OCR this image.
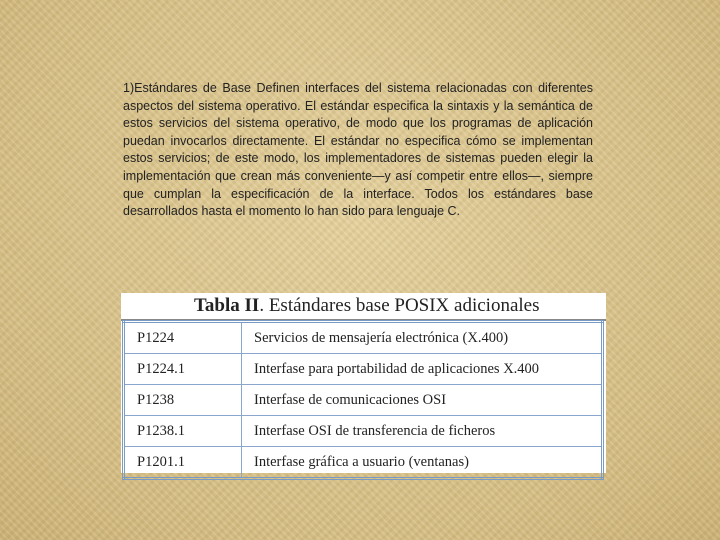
1)Estándares de Base Definen interfaces del sistema relacionadas con diferentes aspectos del sistema operativo. El estándar especifica la sintaxis y la semántica de estos servicios del sistema operativo, de modo que los programas de aplicación puedan invocarlos directamente. El estándar no especifica cómo se implementan estos servicios; de este modo, los implementadores de sistemas pueden elegir la implementación que crean más conveniente—y así competir entre ellos—, siempre que cumplan la especificación de la interface. Todos los estándares base desarrollados hasta el momento lo han sido para lenguaje C.

Tabla II. Estándares base POSIX adicionales
P1224	Servicios de mensajería electrónica (X.400)
P1224.1	Interfase para portabilidad de aplicaciones X.400
P1238	Interfase de comunicaciones OSI
P1238.1	Interfase OSI de transferencia de ficheros
P1201.1	Interfase gráfica a usuario (ventanas)
